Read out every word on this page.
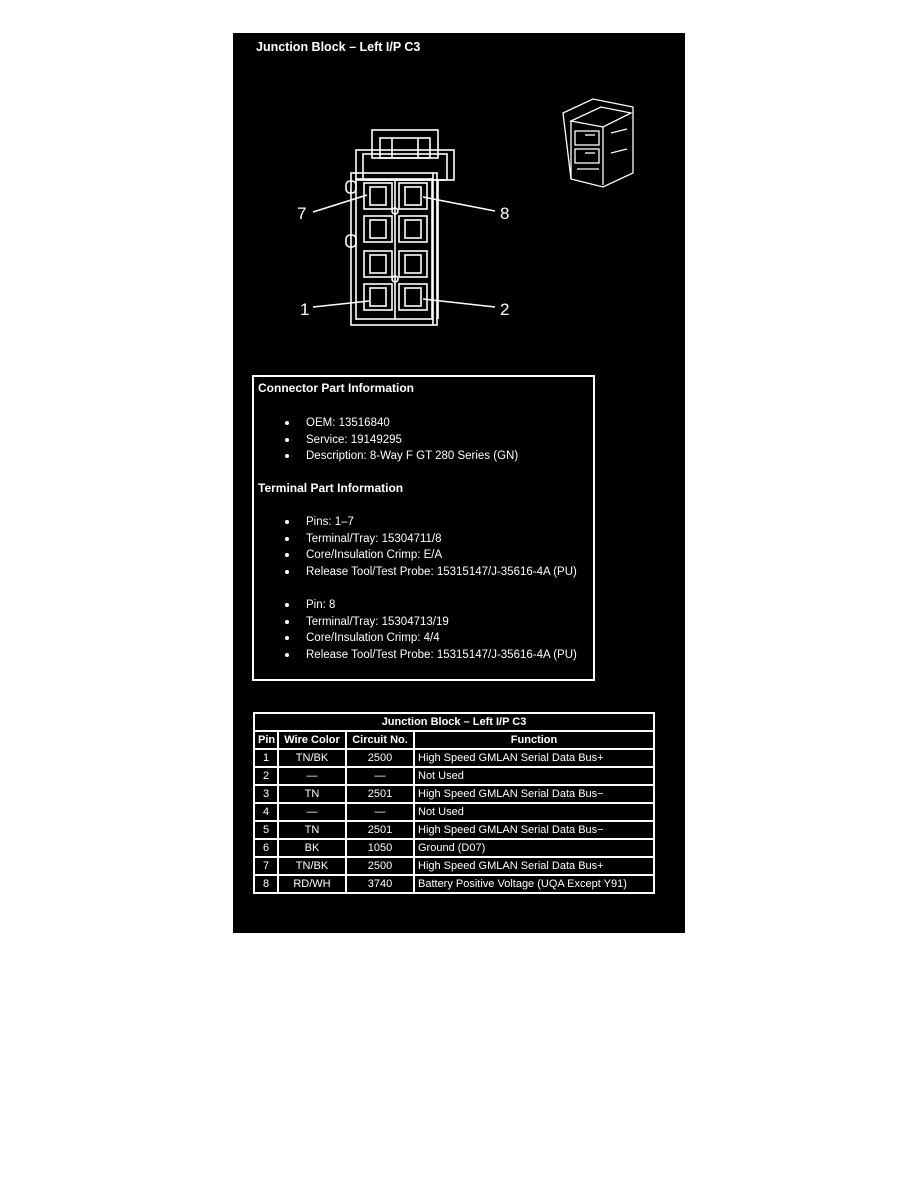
Junction Block – Left I/P C3
7	8
1	2
Connector Part Information
OEM: 13516840
Service: 19149295
Description: 8-Way F GT 280 Series (GN)
Terminal Part Information
Pins: 1–7
Terminal/Tray: 15304711/8
Core/Insulation Crimp: E/A
Release Tool/Test Probe: 15315147/J-35616-4A (PU)
Pin: 8
Terminal/Tray: 15304713/19
Core/Insulation Crimp: 4/4
Release Tool/Test Probe: 15315147/J-35616-4A (PU)
Junction Block – Left I/P C3			
Pin	Wire Color	Circuit No.	Function
1	TN/BK	2500	High Speed GMLAN Serial Data Bus+
2	—	—	Not Used
3	TN	2501	High Speed GMLAN Serial Data Bus−
4	—	—	Not Used
5	TN	2501	High Speed GMLAN Serial Data Bus−
6	BK	1050	Ground (D07)
7	TN/BK	2500	High Speed GMLAN Serial Data Bus+
8	RD/WH	3740	Battery Positive Voltage (UQA Except Y91)
